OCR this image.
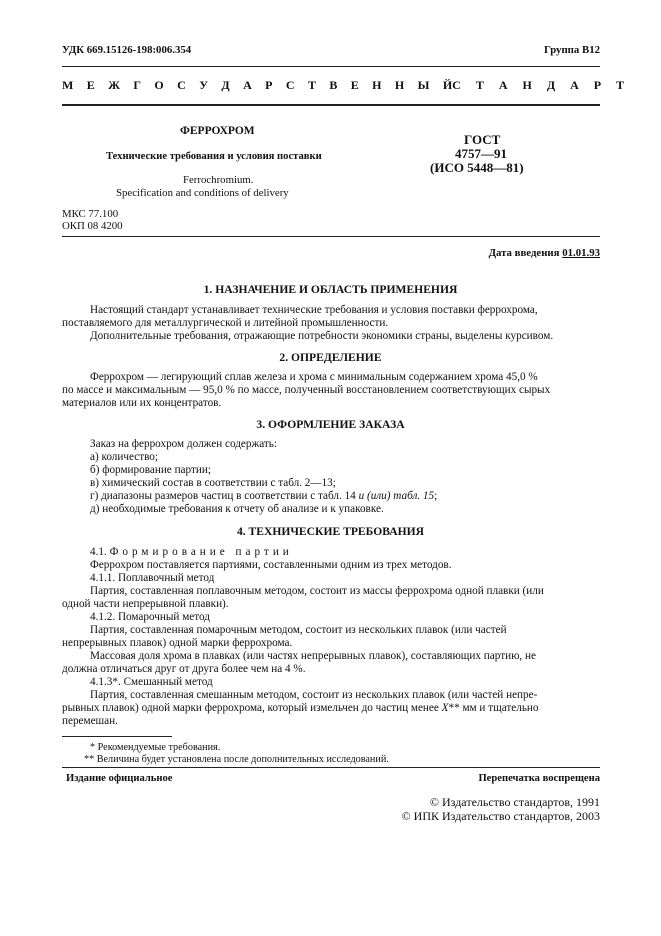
УДК 669.15126-198:006.354	Группа В12
М Е Ж Г О С У Д А Р С Т В Е Н Н Ы Й С Т А Н Д А Р Т
ФЕРРОХРОМ
Технические требования и условия поставки
Ferrochromium.
Specification and conditions of delivery
ГОСТ
4757—91
(ИСО 5448—81)
МКС 77.100
ОКП 08 4200
Дата введения 01.01.93
1. НАЗНАЧЕНИЕ И ОБЛАСТЬ ПРИМЕНЕНИЯ
Настоящий стандарт устанавливает технические требования и условия поставки феррохрома,
поставляемого для металлургической и литейной промышленности.
Дополнительные требования, отражающие потребности экономики страны, выделены курсивом.
2. ОПРЕДЕЛЕНИЕ
Феррохром — легирующий сплав железа и хрома с минимальным содержанием хрома 45,0 %
по массе и максимальным — 95,0 % по массе, полученный восстановлением соответствующих сырых
материалов или их концентратов.
3. ОФОРМЛЕНИЕ ЗАКАЗА
Заказ на феррохром должен содержать:
а) количество;
б) формирование партии;
в) химический состав в соответствии с табл. 2—13;
г) диапазоны размеров частиц в соответствии с табл. 14 и (или) табл. 15;
д) необходимые требования к отчету об анализе и к упаковке.
4. ТЕХНИЧЕСКИЕ ТРЕБОВАНИЯ
4.1. Формирование партии
Феррохром поставляется партиями, составленными одним из трех методов.
4.1.1. Поплавочный метод
Партия, составленная поплавочным методом, состоит из массы феррохрома одной плавки (или
одной части непрерывной плавки).
4.1.2. Помарочный метод
Партия, составленная помарочным методом, состоит из нескольких плавок (или частей
непрерывных плавок) одной марки феррохрома.
Массовая доля хрома в плавках (или частях непрерывных плавок), составляющих партию, не
должна отличаться друг от друга более чем на 4 %.
4.1.3*. Смешанный метод
Партия, составленная смешанным методом, состоит из нескольких плавок (или частей непре-
рывных плавок) одной марки феррохрома, который измельчен до частиц менее X** мм и тщательно
перемешан.
* Рекомендуемые требования.
** Величина будет установлена после дополнительных исследований.
Издание официальное	Перепечатка воспрещена
© Издательство стандартов, 1991
© ИПК Издательство стандартов, 2003
